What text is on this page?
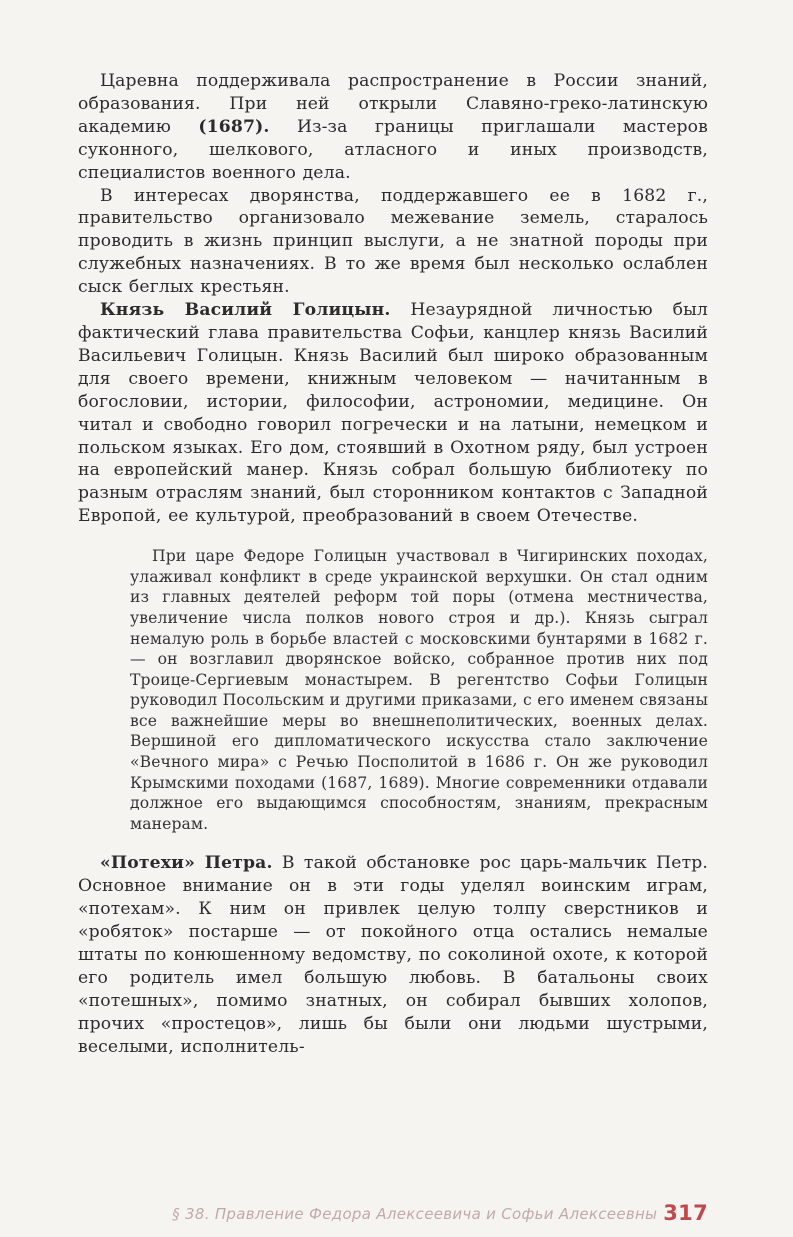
Царевна поддерживала распространение в России знаний, образования. При ней открыли Славяно-греко-латинскую академию (1687). Из-за границы приглашали мастеров суконного, шелкового, атласного и иных производств, специалистов военного дела.

В интересах дворянства, поддержавшего ее в 1682 г., правительство организовало межевание земель, старалось проводить в жизнь принцип выслуги, а не знатной породы при служебных назначениях. В то же время был несколько ослаблен сыск беглых крестьян.

Князь Василий Голицын. Незаурядной личностью был фактический глава правительства Софьи, канцлер князь Василий Васильевич Голицын. Князь Василий был широко образованным для своего времени, книжным человеком — начитанным в богословии, истории, философии, астрономии, медицине. Он читал и свободно говорил погречески и на латыни, немецком и польском языках. Его дом, стоявший в Охотном ряду, был устроен на европейский манер. Князь собрал большую библиотеку по разным отраслям знаний, был сторонником контактов с Западной Европой, ее культурой, преобразований в своем Отечестве.

При царе Федоре Голицын участвовал в Чигиринских походах, улаживал конфликт в среде украинской верхушки. Он стал одним из главных деятелей реформ той поры (отмена местничества, увеличение числа полков нового строя и др.). Князь сыграл немалую роль в борьбе властей с московскими бунтарями в 1682 г. — он возглавил дворянское войско, собранное против них под Троице-Сергиевым монастырем. В регентство Софьи Голицын руководил Посольским и другими приказами, с его именем связаны все важнейшие меры во внешнеполитических, военных делах. Вершиной его дипломатического искусства стало заключение «Вечного мира» с Речью Посполитой в 1686 г. Он же руководил Крымскими походами (1687, 1689). Многие современники отдавали должное его выдающимся способностям, знаниям, прекрасным манерам.

«Потехи» Петра. В такой обстановке рос царь-мальчик Петр. Основное внимание он в эти годы уделял воинским играм, «потехам». К ним он привлек целую толпу сверстников и «робяток» постарше — от покойного отца остались немалые штаты по конюшенному ведомству, по соколиной охоте, к которой его родитель имел большую любовь. В батальоны своих «потешных», помимо знатных, он собирал бывших холопов, прочих «простецов», лишь бы были они людьми шустрыми, веселыми, исполнитель-

§ 38. Правление Федора Алексеевича и Софьи Алексеевны 317
